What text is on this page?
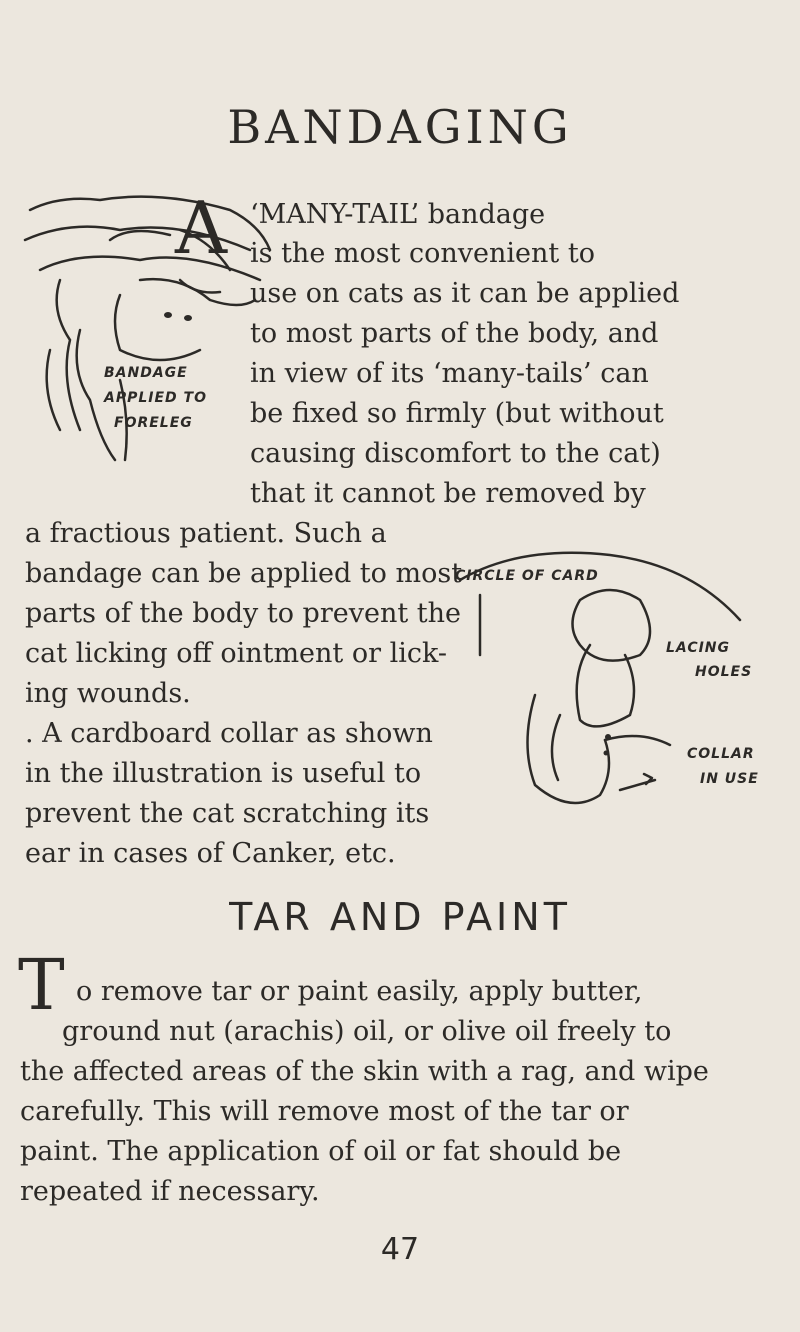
BANDAGING
BANDAGE
APPLIED TO
FORELEG
A ‘MANY-TAIL’ bandage
is the most convenient to
use on cats as it can be applied
to most parts of the body, and
in view of its ‘many-tails’ can
be fixed so firmly (but without
causing discomfort to the cat)
that it cannot be removed by
a fractious patient. Such a
bandage can be applied to most
parts of the body to prevent the
cat licking off ointment or lick-
ing wounds.
. A cardboard collar as shown
in the illustration is useful to
prevent the cat scratching its
ear in cases of Canker, etc.
CIRCLE OF CARD
LACING
HOLES
COLLAR
IN USE
TAR AND PAINT
T o remove tar or paint easily, apply butter,
ground nut (arachis) oil, or olive oil freely to
the affected areas of the skin with a rag, and wipe
carefully. This will remove most of the tar or
paint. The application of oil or fat should be
repeated if necessary.
47
